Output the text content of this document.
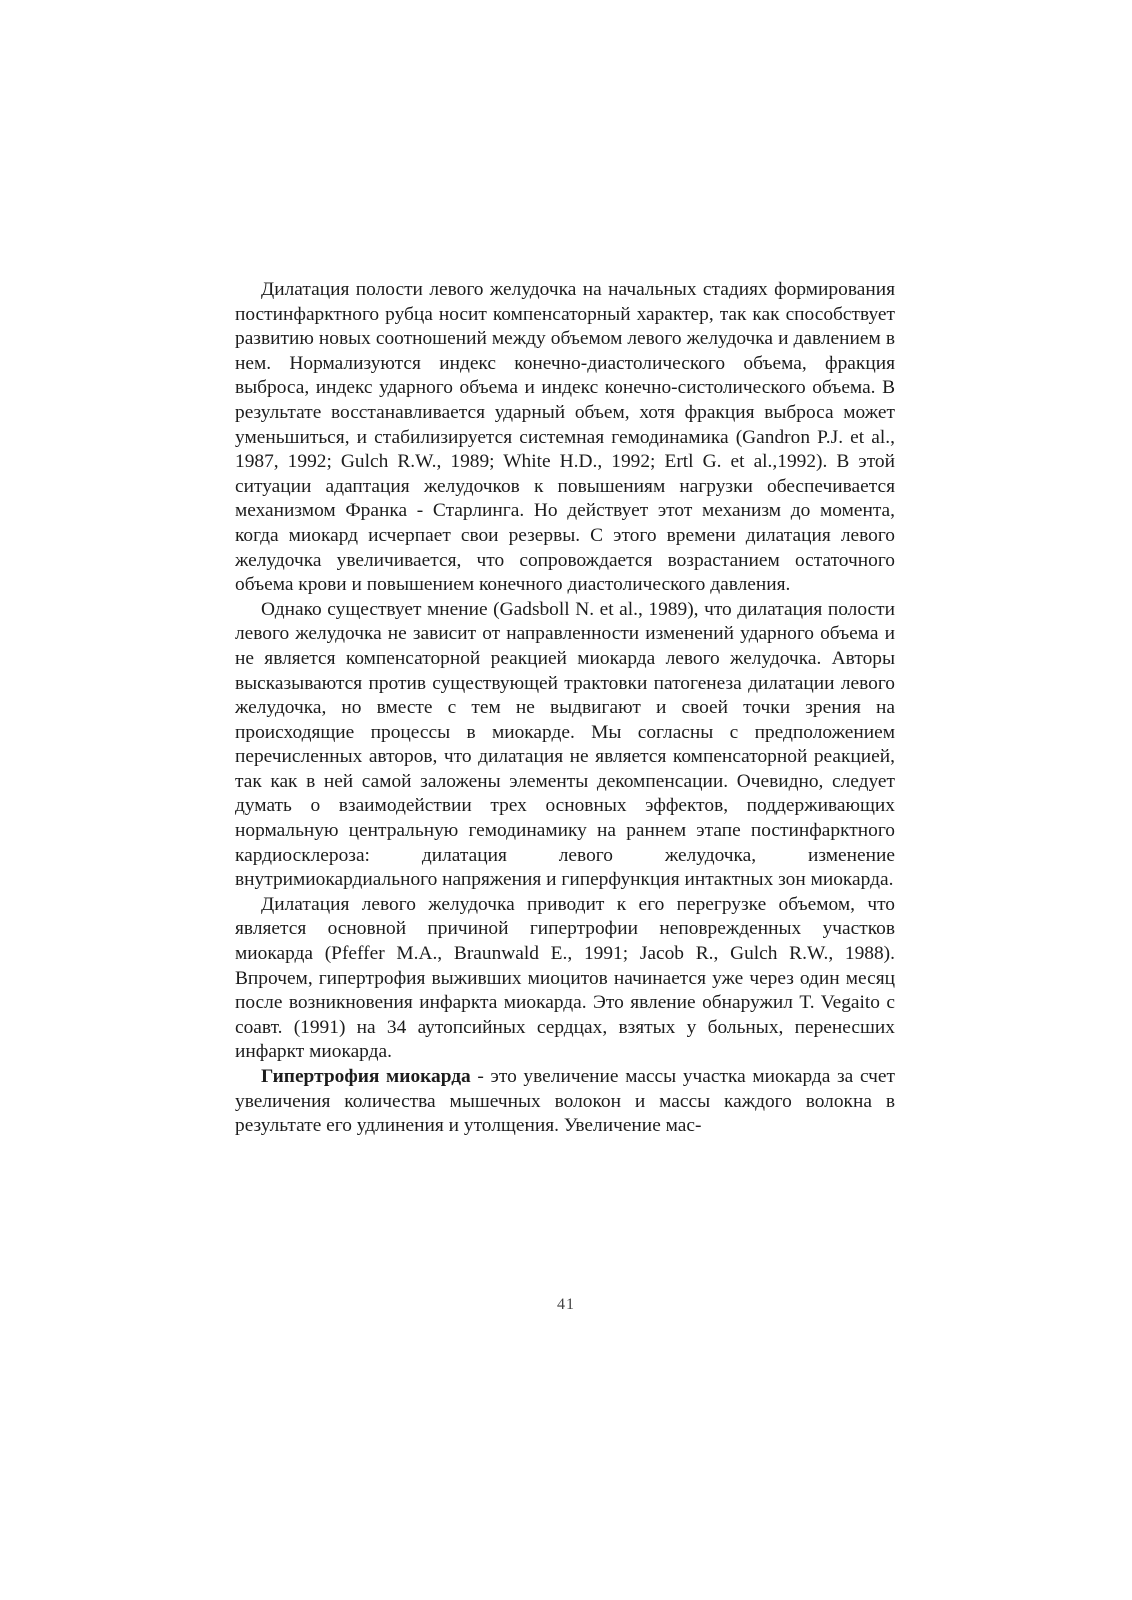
Дилатация полости левого желудочка на начальных стадиях формирования постинфарктного рубца носит компенсаторный характер, так как способствует развитию новых соотношений между объемом левого желудочка и давлением в нем. Нормализуются индекс конечно-диастолического объема, фракция выброса, индекс ударного объема и индекс конечно-систолического объема. В результате восстанавливается ударный объем, хотя фракция выброса может уменьшиться, и стабилизируется системная гемодинамика (Gandron P.J. et al., 1987, 1992; Gulch R.W., 1989; White H.D., 1992; Ertl G. et al.,1992). В этой ситуации адаптация желудочков к повышениям нагрузки обеспечивается механизмом Франка - Старлинга. Но действует этот механизм до момента, когда миокард исчерпает свои резервы. С этого времени дилатация левого желудочка увеличивается, что сопровождается возрастанием остаточного объема крови и повышением конечного диастолического давления.

Однако существует мнение (Gadsboll N. et al., 1989), что дилатация полости левого желудочка не зависит от направленности изменений ударного объема и не является компенсаторной реакцией миокарда левого желудочка. Авторы высказываются против существующей трактовки патогенеза дилатации левого желудочка, но вместе с тем не выдвигают и своей точки зрения на происходящие процессы в миокарде. Мы согласны с предположением перечисленных авторов, что дилатация не является компенсаторной реакцией, так как в ней самой заложены элементы декомпенсации. Очевидно, следует думать о взаимодействии трех основных эффектов, поддерживающих нормальную центральную гемодинамику на раннем этапе постинфарктного кардиосклероза: дилатация левого желудочка, изменение внутримиокардиального напряжения и гиперфункция интактных зон миокарда.

Дилатация левого желудочка приводит к его перегрузке объемом, что является основной причиной гипертрофии неповрежденных участков миокарда (Pfeffer M.A., Braunwald E., 1991; Jacob R., Gulch R.W., 1988). Впрочем, гипертрофия выживших миоцитов начинается уже через один месяц после возникновения инфаркта миокарда. Это явление обнаружил T. Vegaito с соавт. (1991) на 34 аутопсийных сердцах, взятых у больных, перенесших инфаркт миокарда.

Гипертрофия миокарда - это увеличение массы участка миокарда за счет увеличения количества мышечных волокон и массы каждого волокна в результате его удлинения и утолщения. Увеличение мас-

41
